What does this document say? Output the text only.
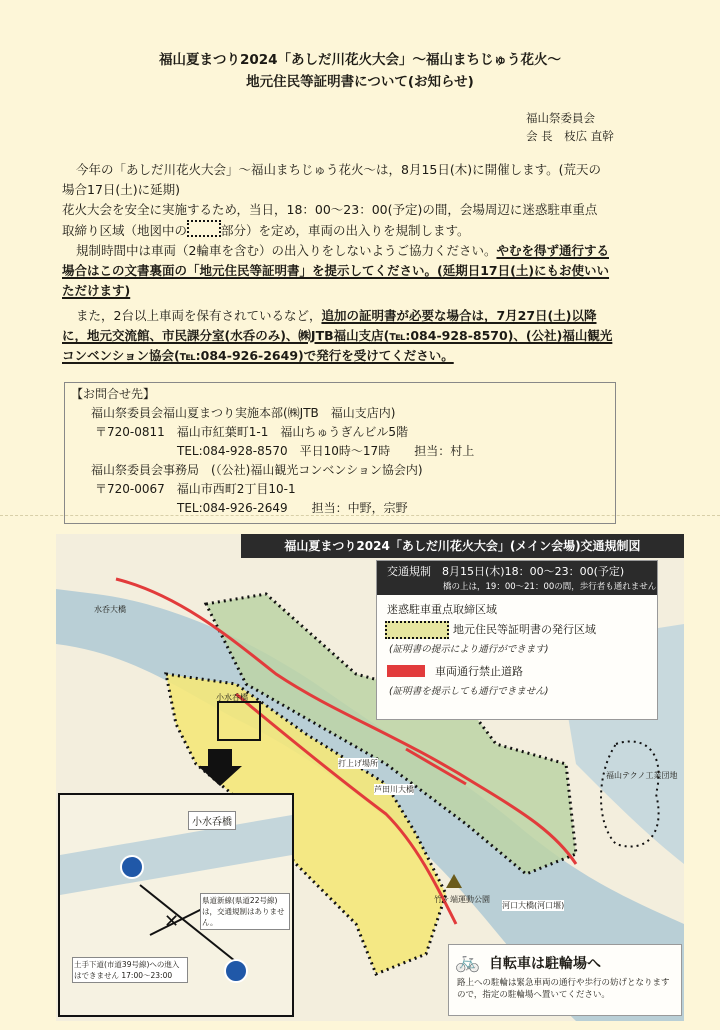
福山夏まつり2024「あしだ川花火大会」～福山まちじゅう花火～
地元住民等証明書について(お知らせ)
福山祭委員会
会 長　枝広 直幹
今年の「あしだ川花火大会」～福山まちじゅう花火～は，8月15日(木)に開催します。(荒天の
場合17日(土)に延期)
花火大会を安全に実施するため，当日，18：00～23：00(予定)の間，会場周辺に迷惑駐車重点
取締り区域（地図中の	部分）を定め，車両の出入りを規制します。
規制時間中は車両（2輪車を含む）の出入りをしないようご協力ください。やむを得ず通行する
場合はこの文書裏面の「地元住民等証明書」を提示してください。(延期日17日(土)にもお使いい
ただけます)
また，2台以上車両を保有されているなど，追加の証明書が必要な場合は，7月27日(土)以降
に，地元交流館、市民課分室(水呑のみ)、㈱JTB福山支店(℡:084-928-8570)、(公社)福山観光
コンベンション協会(℡:084-926-2649)で発行を受けてください。
【お問合せ先】
福山祭委員会福山夏まつり実施本部(㈱JTB　福山支店内)
〒720-0811　福山市紅葉町1-1　福山ちゅうぎんビル5階
TEL:084-928-8570　平日10時～17時　　担当：村上
福山祭委員会事務局　(（公社)福山観光コンベンション協会内)
〒720-0067　福山市西町2丁目10-1
TEL:084-926-2649　　担当：中野，宗野
水呑大橋
小水呑橋
打上げ場所
芦田川大橋
河口大橋(河口堰)
竹ヶ端運動公園
福山テクノ工業団地
福山夏まつり2024「あしだ川花火大会」(メイン会場)交通規制図
交通規制　8月15日(木)18：00～23：00(予定)
橋の上は，19：00～21：00の間，歩行者も通れません
迷惑駐車重点取締区域
地元住民等証明書の発行区域
(証明書の提示により通行ができます)
車両通行禁止道路
(証明書を提示しても通行できません)
✕
小水呑橋
県道新線(県道22号線)は，交通規制はありません。
土手下道(市道39号線)への進入はできません 17:00～23:00
🚲 自転車は駐輪場へ
路上への駐輪は緊急車両の通行や歩行の妨げとなりますので，指定の駐輪場へ置いてください。
